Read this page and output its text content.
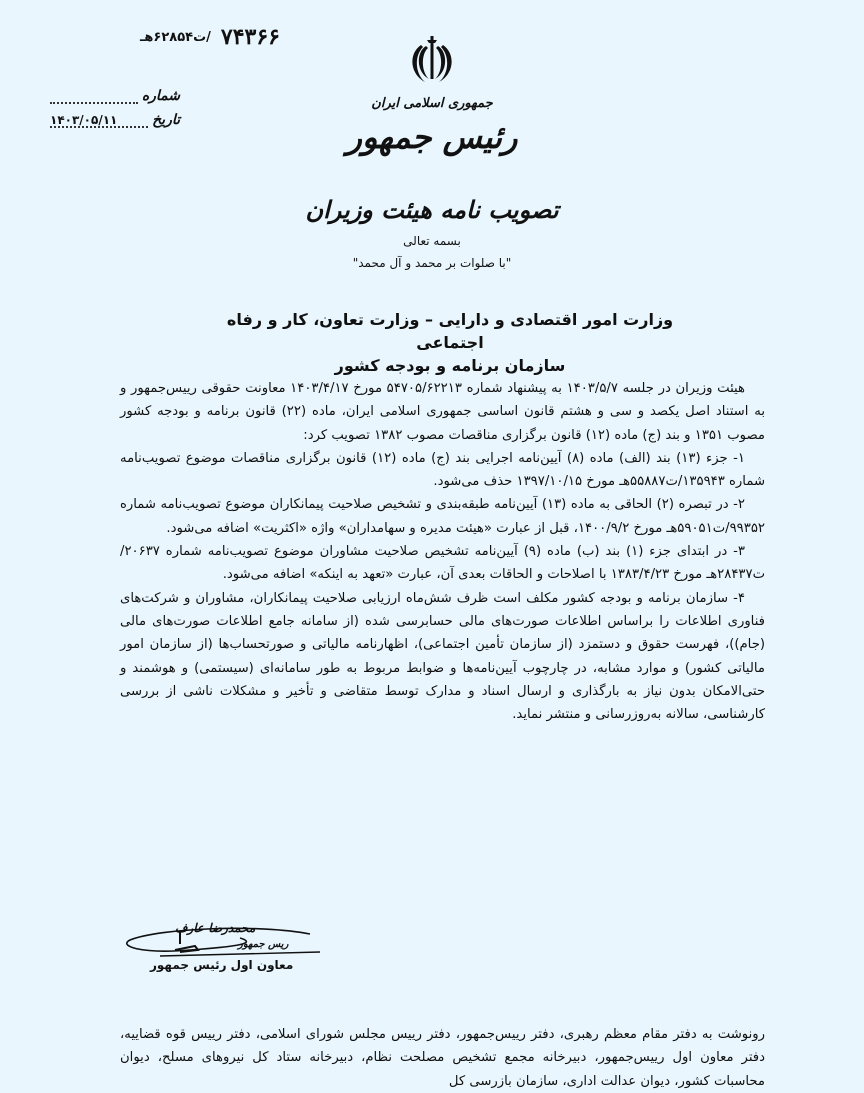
۷۴۳۶۶
/ت۶۲۸۵۴هـ
شماره
تاریخ
۱۴۰۳/۰۵/۱۱
جمهوری اسلامی ایران
رئیس جمهور
تصویب نامه هیئت وزیران
بسمه تعالی
"با صلوات بر محمد و آل محمد"
وزارت امور اقتصادی و دارایی – وزارت تعاون، کار و رفاه اجتماعی
سازمان برنامه و بودجه کشور

هیئت وزیران در جلسه ۱۴۰۳/۵/۷ به پیشنهاد شماره ۵۴۷۰۵/۶۲۲۱۳ مورخ ۱۴۰۳/۴/۱۷ معاونت حقوقی رییس‌جمهور و به استناد اصل یکصد و سی و هشتم قانون اساسی جمهوری اسلامی ایران، ماده (۲۲) قانون برنامه و بودجه کشور مصوب ۱۳۵۱ و بند (ج) ماده (۱۲) قانون برگزاری مناقصات مصوب ۱۳۸۲ تصویب کرد:

۱- جزء (۱۳) بند (الف) ماده (۸) آیین‌نامه اجرایی بند (ج) ماده (۱۲) قانون برگزاری مناقصات موضوع تصویب‌نامه شماره ۱۳۵۹۴۳/ت۵۵۸۸۷هـ مورخ ۱۳۹۷/۱۰/۱۵ حذف می‌شود.

۲- در تبصره (۲) الحاقی به ماده (۱۳) آیین‌نامه طبقه‌بندی و تشخیص صلاحیت پیمانکاران موضوع تصویب‌نامه شماره ۹۹۳۵۲/ت۵۹۰۵۱هـ مورخ ۱۴۰۰/۹/۲، قبل از عبارت «هیئت مدیره و سهامداران» واژه «اکثریت» اضافه می‌شود.

۳- در ابتدای جزء (۱) بند (ب) ماده (۹) آیین‌نامه تشخیص صلاحیت مشاوران موضوع تصویب‌نامه شماره ۲۰۶۳۷/ت۲۸۴۳۷هـ مورخ ۱۳۸۳/۴/۲۳ با اصلاحات و الحاقات بعدی آن، عبارت «تعهد به اینکه» اضافه می‌شود.

۴- سازمان برنامه و بودجه کشور مکلف است ظرف شش‌ماه ارزیابی صلاحیت پیمانکاران، مشاوران و شرکت‌های فناوری اطلاعات را براساس اطلاعات صورت‌های مالی حسابرسی شده (از سامانه جامع اطلاعات صورت‌های مالی (جام))، فهرست حقوق و دستمزد (از سازمان تأمین اجتماعی)، اظهارنامه مالیاتی و صورتحساب‌ها (از سازمان امور مالیاتی کشور) و موارد مشابه، در چارچوب آیین‌نامه‌ها و ضوابط مربوط به طور سامانه‌ای (سیستمی) و هوشمند و حتی‌الامکان بدون نیاز به بارگذاری و ارسال اسناد و مدارک توسط متقاضی و تأخیر و مشکلات ناشی از بررسی کارشناسی، سالانه به‌روزرسانی و منتشر نماید.

محمدرضا عارف
ریس جمهور
معاون اول رئیس جمهور
رونوشت به دفتر مقام معظم رهبری، دفتر رییس‌جمهور، دفتر رییس مجلس شورای اسلامی، دفتر رییس قوه قضاییه، دفتر معاون اول رییس‌جمهور، دبیرخانه مجمع تشخیص مصلحت نظام، دبیرخانه ستاد کل نیروهای مسلح، دیوان محاسبات کشور، دیوان عدالت اداری، سازمان بازرسی کل
